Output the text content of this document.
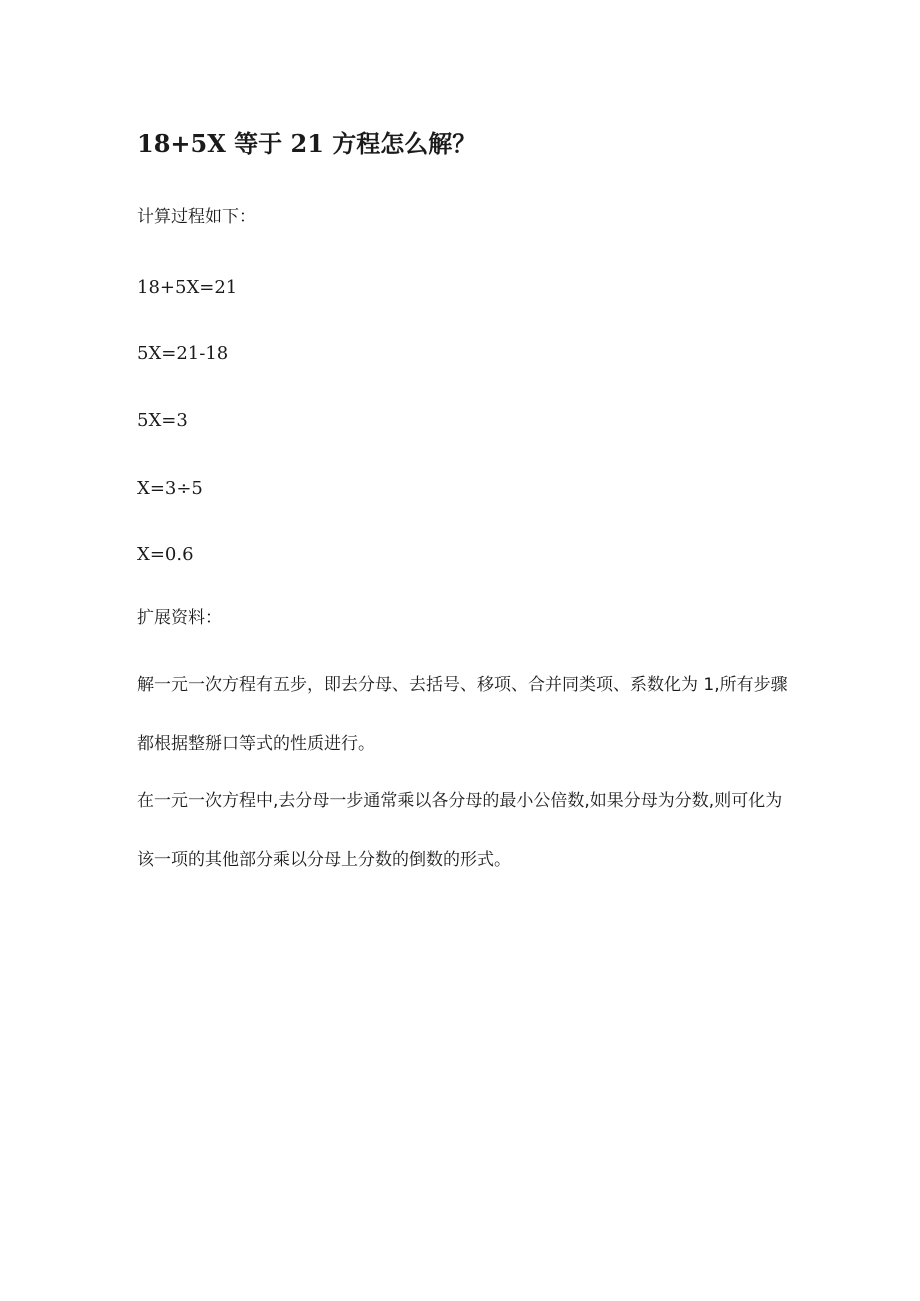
18+5X 等于 21 方程怎么解？
计算过程如下：
18+5X=21
5X=21-18
5X=3
X=3÷5
X=0.6
扩展资料：
解一元一次方程有五步，即去分母、去括号、移项、合并同类项、系数化为 1,所有步骤都根据整掰口等式的性质进行。
在一元一次方程中,去分母一步通常乘以各分母的最小公倍数,如果分母为分数,则可化为该一项的其他部分乘以分母上分数的倒数的形式。
